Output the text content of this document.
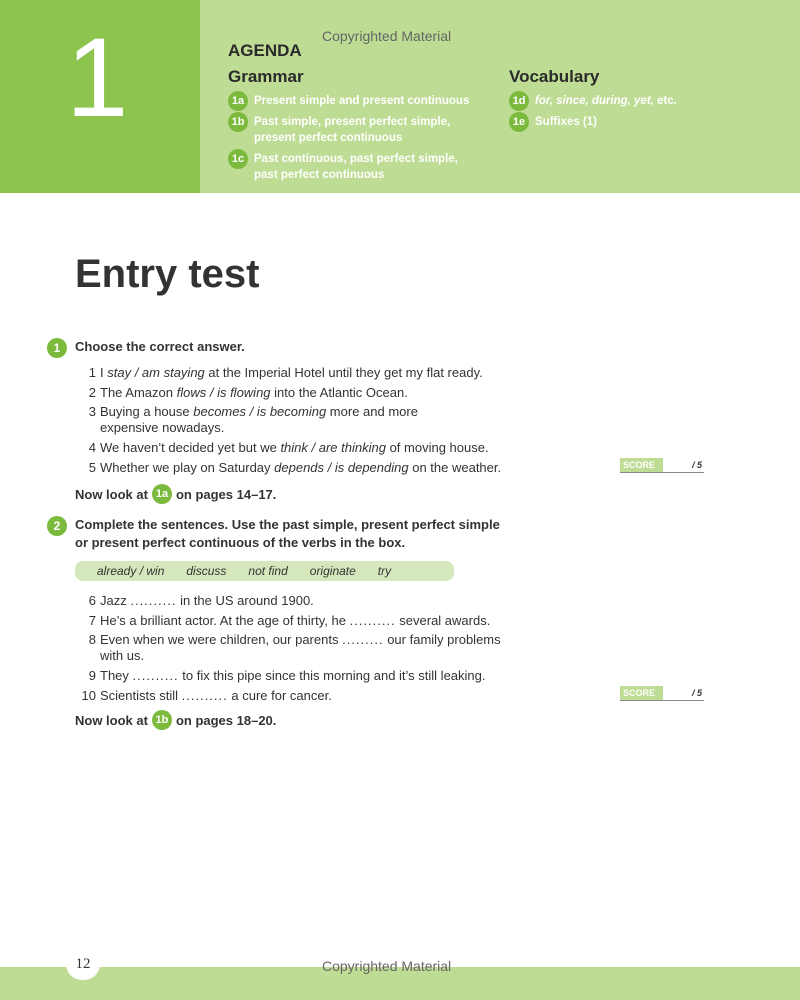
1	Copyrighted Material
AGENDA
Grammar	Vocabulary
1a Present simple and present continuous
1b Past simple, present perfect simple,
present perfect continuous
1c Past continuous, past perfect simple,
past perfect continuous
1d for, since, during, yet, etc.
1e Suffixes (1)
Entry test
1	Choose the correct answer.
1 I stay / am staying at the Imperial Hotel until they get my flat ready.
2 The Amazon flows / is flowing into the Atlantic Ocean.
3 Buying a house becomes / is becoming more and more
expensive nowadays.
4 We haven’t decided yet but we think / are thinking of moving house.
5 Whether we play on Saturday depends / is depending on the weather.
Now look at 1a on pages 14–17.
SCORE	/ 5
2	Complete the sentences. Use the past simple, present perfect simple
or present perfect continuous of the verbs in the box.
already / win discuss not find originate try
6 Jazz .......... in the US around 1900.
7 He’s a brilliant actor. At the age of thirty, he .......... several awards.
8 Even when we were children, our parents ......... our family problems
with us.
9 They .......... to fix this pipe since this morning and it’s still leaking.
10 Scientists still .......... a cure for cancer.
Now look at 1b on pages 18–20.
SCORE	/ 5
Copyrighted Material
12
